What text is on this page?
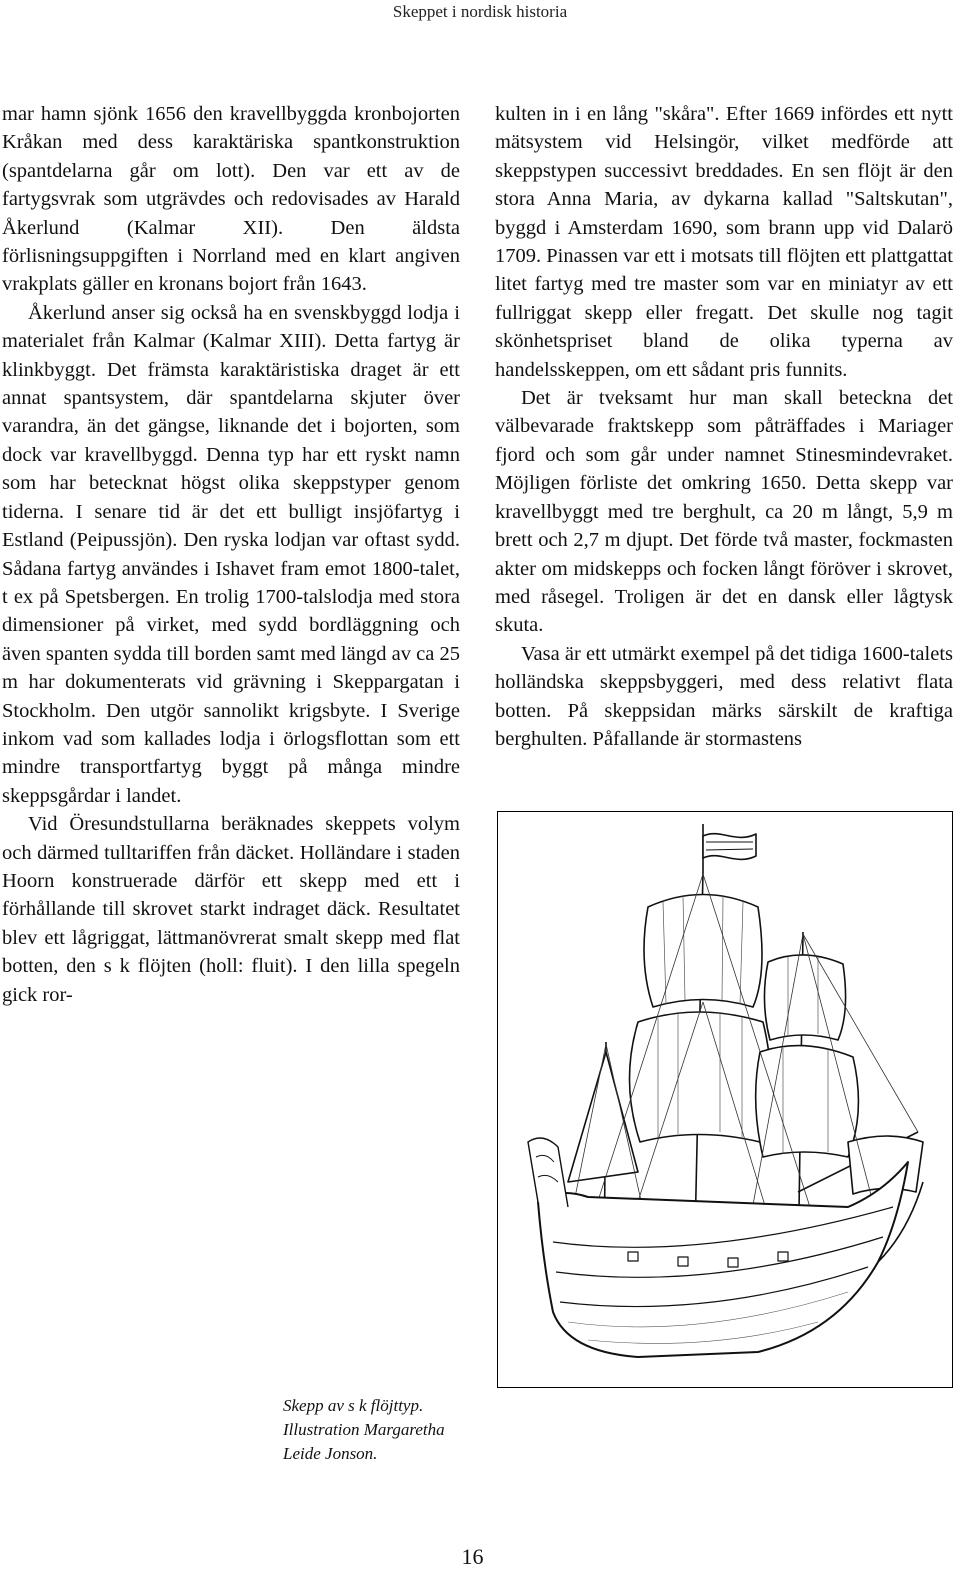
Skeppet i nordisk historia

mar hamn sjönk 1656 den kravellbyggda kronbojorten Kråkan med dess karaktäriska spantkonstruktion (spantdelarna går om lott). Den var ett av de fartygsvrak som utgrävdes och redovisades av Harald Åkerlund (Kalmar XII). Den äldsta förlisningsuppgiften i Norrland med en klart angiven vrakplats gäller en kronans bojort från 1643.

Åkerlund anser sig också ha en svenskbyggd lodja i materialet från Kalmar (Kalmar XIII). Detta fartyg är klinkbyggt. Det främsta karaktäristiska draget är ett annat spantsystem, där spantdelarna skjuter över varandra, än det gängse, liknande det i bojorten, som dock var kravellbyggd. Denna typ har ett ryskt namn som har betecknat högst olika skeppstyper genom tiderna. I senare tid är det ett bulligt insjöfartyg i Estland (Peipussjön). Den ryska lodjan var oftast sydd. Sådana fartyg användes i Ishavet fram emot 1800-talet, t ex på Spetsbergen. En trolig 1700-talslodja med stora dimensioner på virket, med sydd bordläggning och även spanten sydda till borden samt med längd av ca 25 m har dokumenterats vid grävning i Skeppargatan i Stockholm. Den utgör sannolikt krigsbyte. I Sverige inkom vad som kallades lodja i örlogsflottan som ett mindre transportfartyg byggt på många mindre skeppsgårdar i landet.

Vid Öresundstullarna beräknades skeppets volym och därmed tulltariffen från däcket. Holländare i staden Hoorn konstruerade därför ett skepp med ett i förhållande till skrovet starkt indraget däck. Resultatet blev ett lågriggat, lättmanövrerat smalt skepp med flat botten, den s k flöjten (holl: fluit). I den lilla spegeln gick ror-

kulten in i en lång "skåra". Efter 1669 infördes ett nytt mätsystem vid Helsingör, vilket medförde att skeppstypen successivt breddades. En sen flöjt är den stora Anna Maria, av dykarna kallad "Saltskutan", byggd i Amsterdam 1690, som brann upp vid Dalarö 1709. Pinassen var ett i motsats till flöjten ett plattgattat litet fartyg med tre master som var en miniatyr av ett fullriggat skepp eller fregatt. Det skulle nog tagit skönhetspriset bland de olika typerna av handelsskeppen, om ett sådant pris funnits.

Det är tveksamt hur man skall beteckna det välbevarade fraktskepp som påträffades i Mariager fjord och som går under namnet Stinesmindevraket. Möjligen förliste det omkring 1650. Detta skepp var kravellbyggt med tre berghult, ca 20 m långt, 5,9 m brett och 2,7 m djupt. Det förde två master, fockmasten akter om midskepps och focken långt föröver i skrovet, med råsegel. Troligen är det en dansk eller lågtysk skuta.

Vasa är ett utmärkt exempel på det tidiga 1600-talets holländska skeppsbyggeri, med dess relativt flata botten. På skeppsidan märks särskilt de kraftiga berghulten. Påfallande är stormastens

Skepp av s k flöjttyp.
Illustration Margaretha
Leide Jonson.
16
